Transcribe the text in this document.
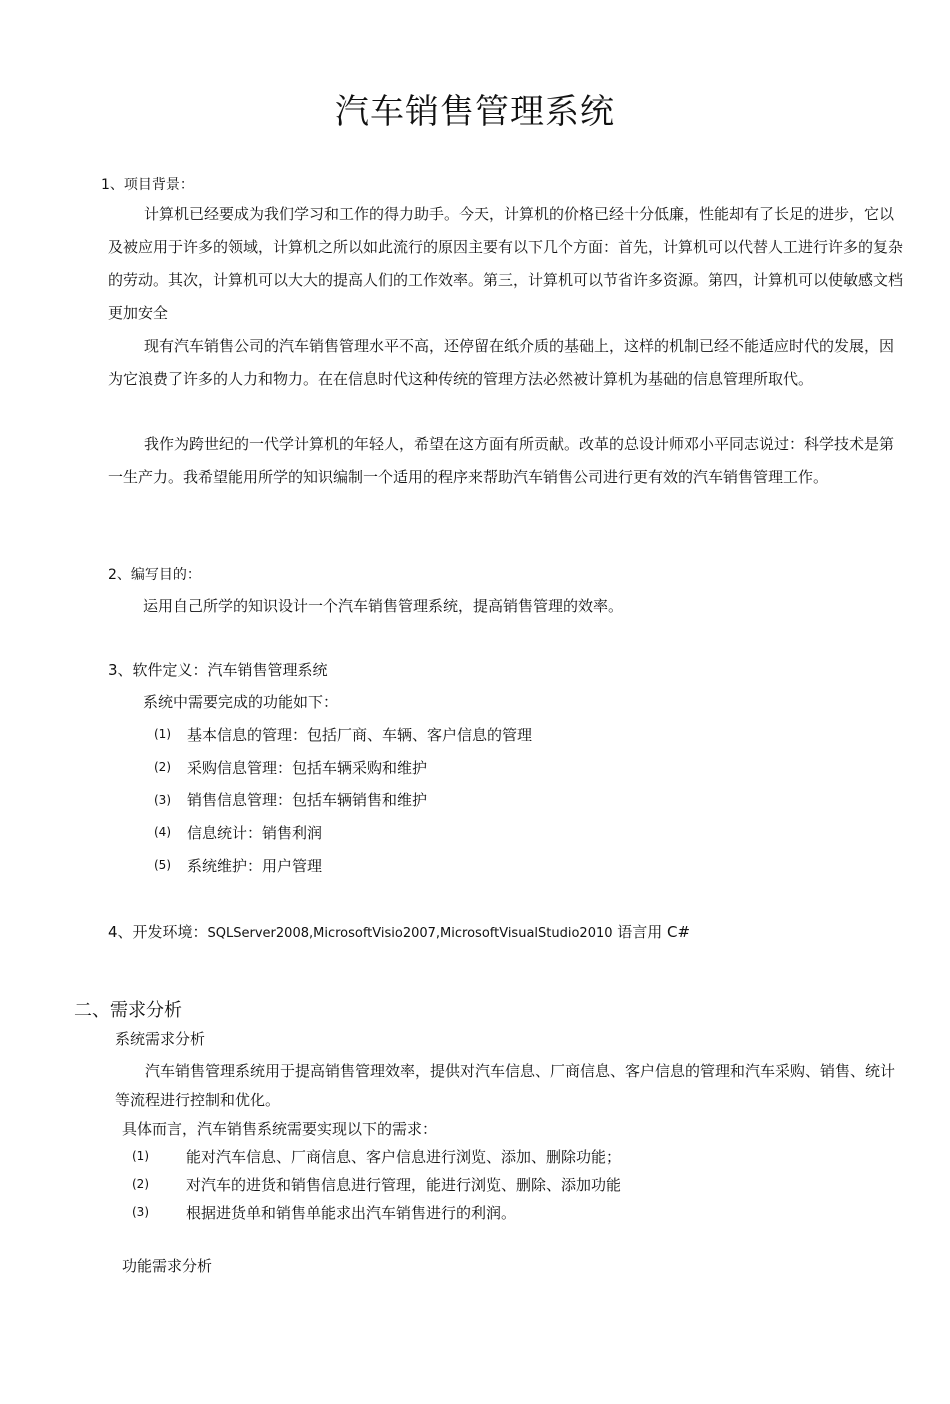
汽车销售管理系统
1、项目背景：
计算机已经要成为我们学习和工作的得力助手。今天，计算机的价格已经十分低廉，性能却有了长足的进步，它以及被应用于许多的领域，计算机之所以如此流行的原因主要有以下几个方面：首先，计算机可以代替人工进行许多的复杂的劳动。其次，计算机可以大大的提高人们的工作效率。第三，计算机可以节省许多资源。第四，计算机可以使敏感文档更加安全
现有汽车销售公司的汽车销售管理水平不高，还停留在纸介质的基础上，这样的机制已经不能适应时代的发展，因为它浪费了许多的人力和物力。在在信息时代这种传统的管理方法必然被计算机为基础的信息管理所取代。
我作为跨世纪的一代学计算机的年轻人，希望在这方面有所贡献。改革的总设计师邓小平同志说过：科学技术是第一生产力。我希望能用所学的知识编制一个适用的程序来帮助汽车销售公司进行更有效的汽车销售管理工作。
2、编写目的：
运用自己所学的知识设计一个汽车销售管理系统，提高销售管理的效率。
3、软件定义：汽车销售管理系统
系统中需要完成的功能如下：
(1) 基本信息的管理：包括厂商、车辆、客户信息的管理
(2) 采购信息管理：包括车辆采购和维护
(3) 销售信息管理：包括车辆销售和维护
(4) 信息统计：销售利润
(5) 系统维护：用户管理
4、开发环境：SQLServer2008,MicrosoftVisio2007,MicrosoftVisualStudio2010 语言用 C#
二、需求分析
系统需求分析
汽车销售管理系统用于提高销售管理效率，提供对汽车信息、厂商信息、客户信息的管理和汽车采购、销售、统计等流程进行控制和优化。
具体而言，汽车销售系统需要实现以下的需求：
(1) 能对汽车信息、厂商信息、客户信息进行浏览、添加、删除功能；
(2) 对汽车的进货和销售信息进行管理，能进行浏览、删除、添加功能
(3) 根据进货单和销售单能求出汽车销售进行的利润。
功能需求分析
